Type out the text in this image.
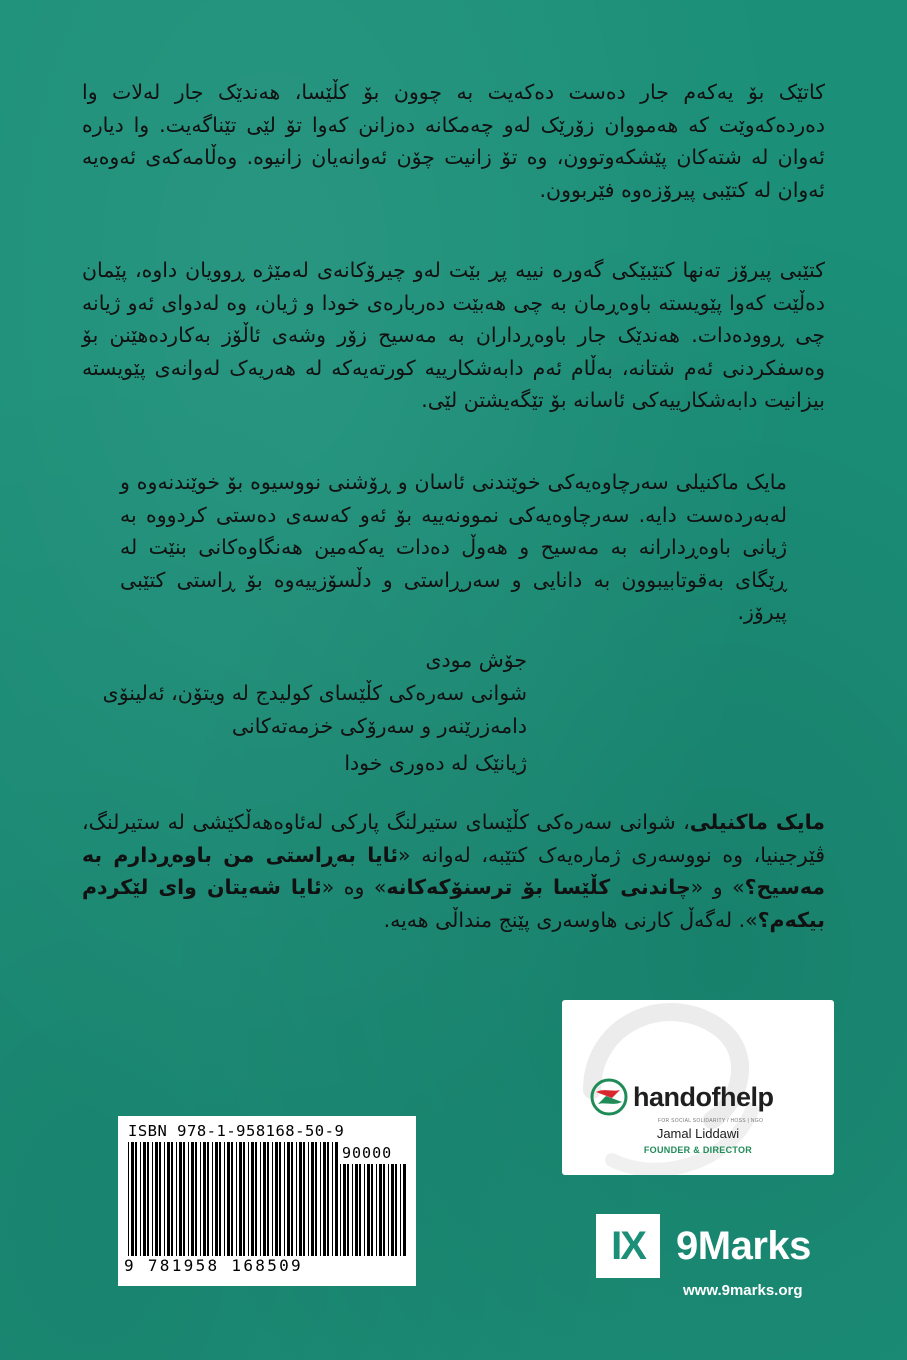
کاتێک بۆ یەکەم جار دەست دەکەیت بە چوون بۆ کڵێسا، هەندێک جار لەلات وا دەردەکەوێت کە هەمووان زۆرێک لەو چەمکانە دەزانن کەوا تۆ لێی تێناگەیت. وا دیارە ئەوان لە شتەکان پێشکەوتوون، وە تۆ زانیت چۆن ئەوانەیان زانیوە. وەڵامەکەی ئەوەیە ئەوان لە کتێبی پیرۆزەوە فێربوون.
کتێبی پیرۆز تەنها کتێبێکی گەورە نییە پڕ بێت لەو چیرۆکانەی لەمێژە ڕوویان داوە، پێمان دەڵێت کەوا پێویستە باوەڕمان بە چی هەبێت دەربارەی خودا و ژیان، وە لەدوای ئەو ژیانە چی ڕوودەدات. هەندێک جار باوەڕداران بە مەسیح زۆر وشەی ئاڵۆز بەکاردەهێنن بۆ وەسفکردنی ئەم شتانە، بەڵام ئەم دابەشکارییە کورتەیەکە لە هەریەک لەوانەی پێویستە بیزانیت دابەشکارییەکی ئاسانە بۆ تێگەیشتن لێی.
مایک ماکنیلی سەرچاوەیەکی خوێندنی ئاسان و ڕۆشنی نووسیوە بۆ خوێندنەوە و لەبەردەست دایە. سەرچاوەیەکی نموونەییە بۆ ئەو کەسەی دەستی کردووە بە ژیانی باوەڕدارانە بە مەسیح و هەوڵ دەدات یەکەمین هەنگاوەکانی بنێت لە ڕێگای بەقوتابیبوون بە دانایی و سەرڕاستی و دڵسۆزییەوە بۆ ڕاستی کتێبی پیرۆز.
جۆش مودی
شوانی سەرەکی کڵێسای کولیدج لە ویتۆن، ئەلینۆی
دامەزرێنەر و سەرۆکی خزمەتەکانی
ژیانێک لە دەوری خودا
مایک ماکنیلی، شوانی سەرەکی کڵێسای ستیرلنگ پارکی لەئاوەهەڵکێشی لە ستیرلنگ، ڤێرجینیا، وە نووسەری ژمارەیەک کتێبە، لەوانە «ئایا بەڕاستی من باوەڕدارم بە مەسیح؟» و «چاندنی کڵێسا بۆ ترسنۆکەکانە» وە «ئایا شەیتان وای لێکردم بیکەم؟». لەگەڵ کارنی هاوسەری پێنج منداڵی هەیە.
handofhelp
FOR SOCIAL SOLIDARITY / HOSS | NGO
Jamal Liddawi
FOUNDER & DIRECTOR
ISBN 978-1-958168-50-9
90000
9 781958 168509	IX 9Marks
www.9marks.org
